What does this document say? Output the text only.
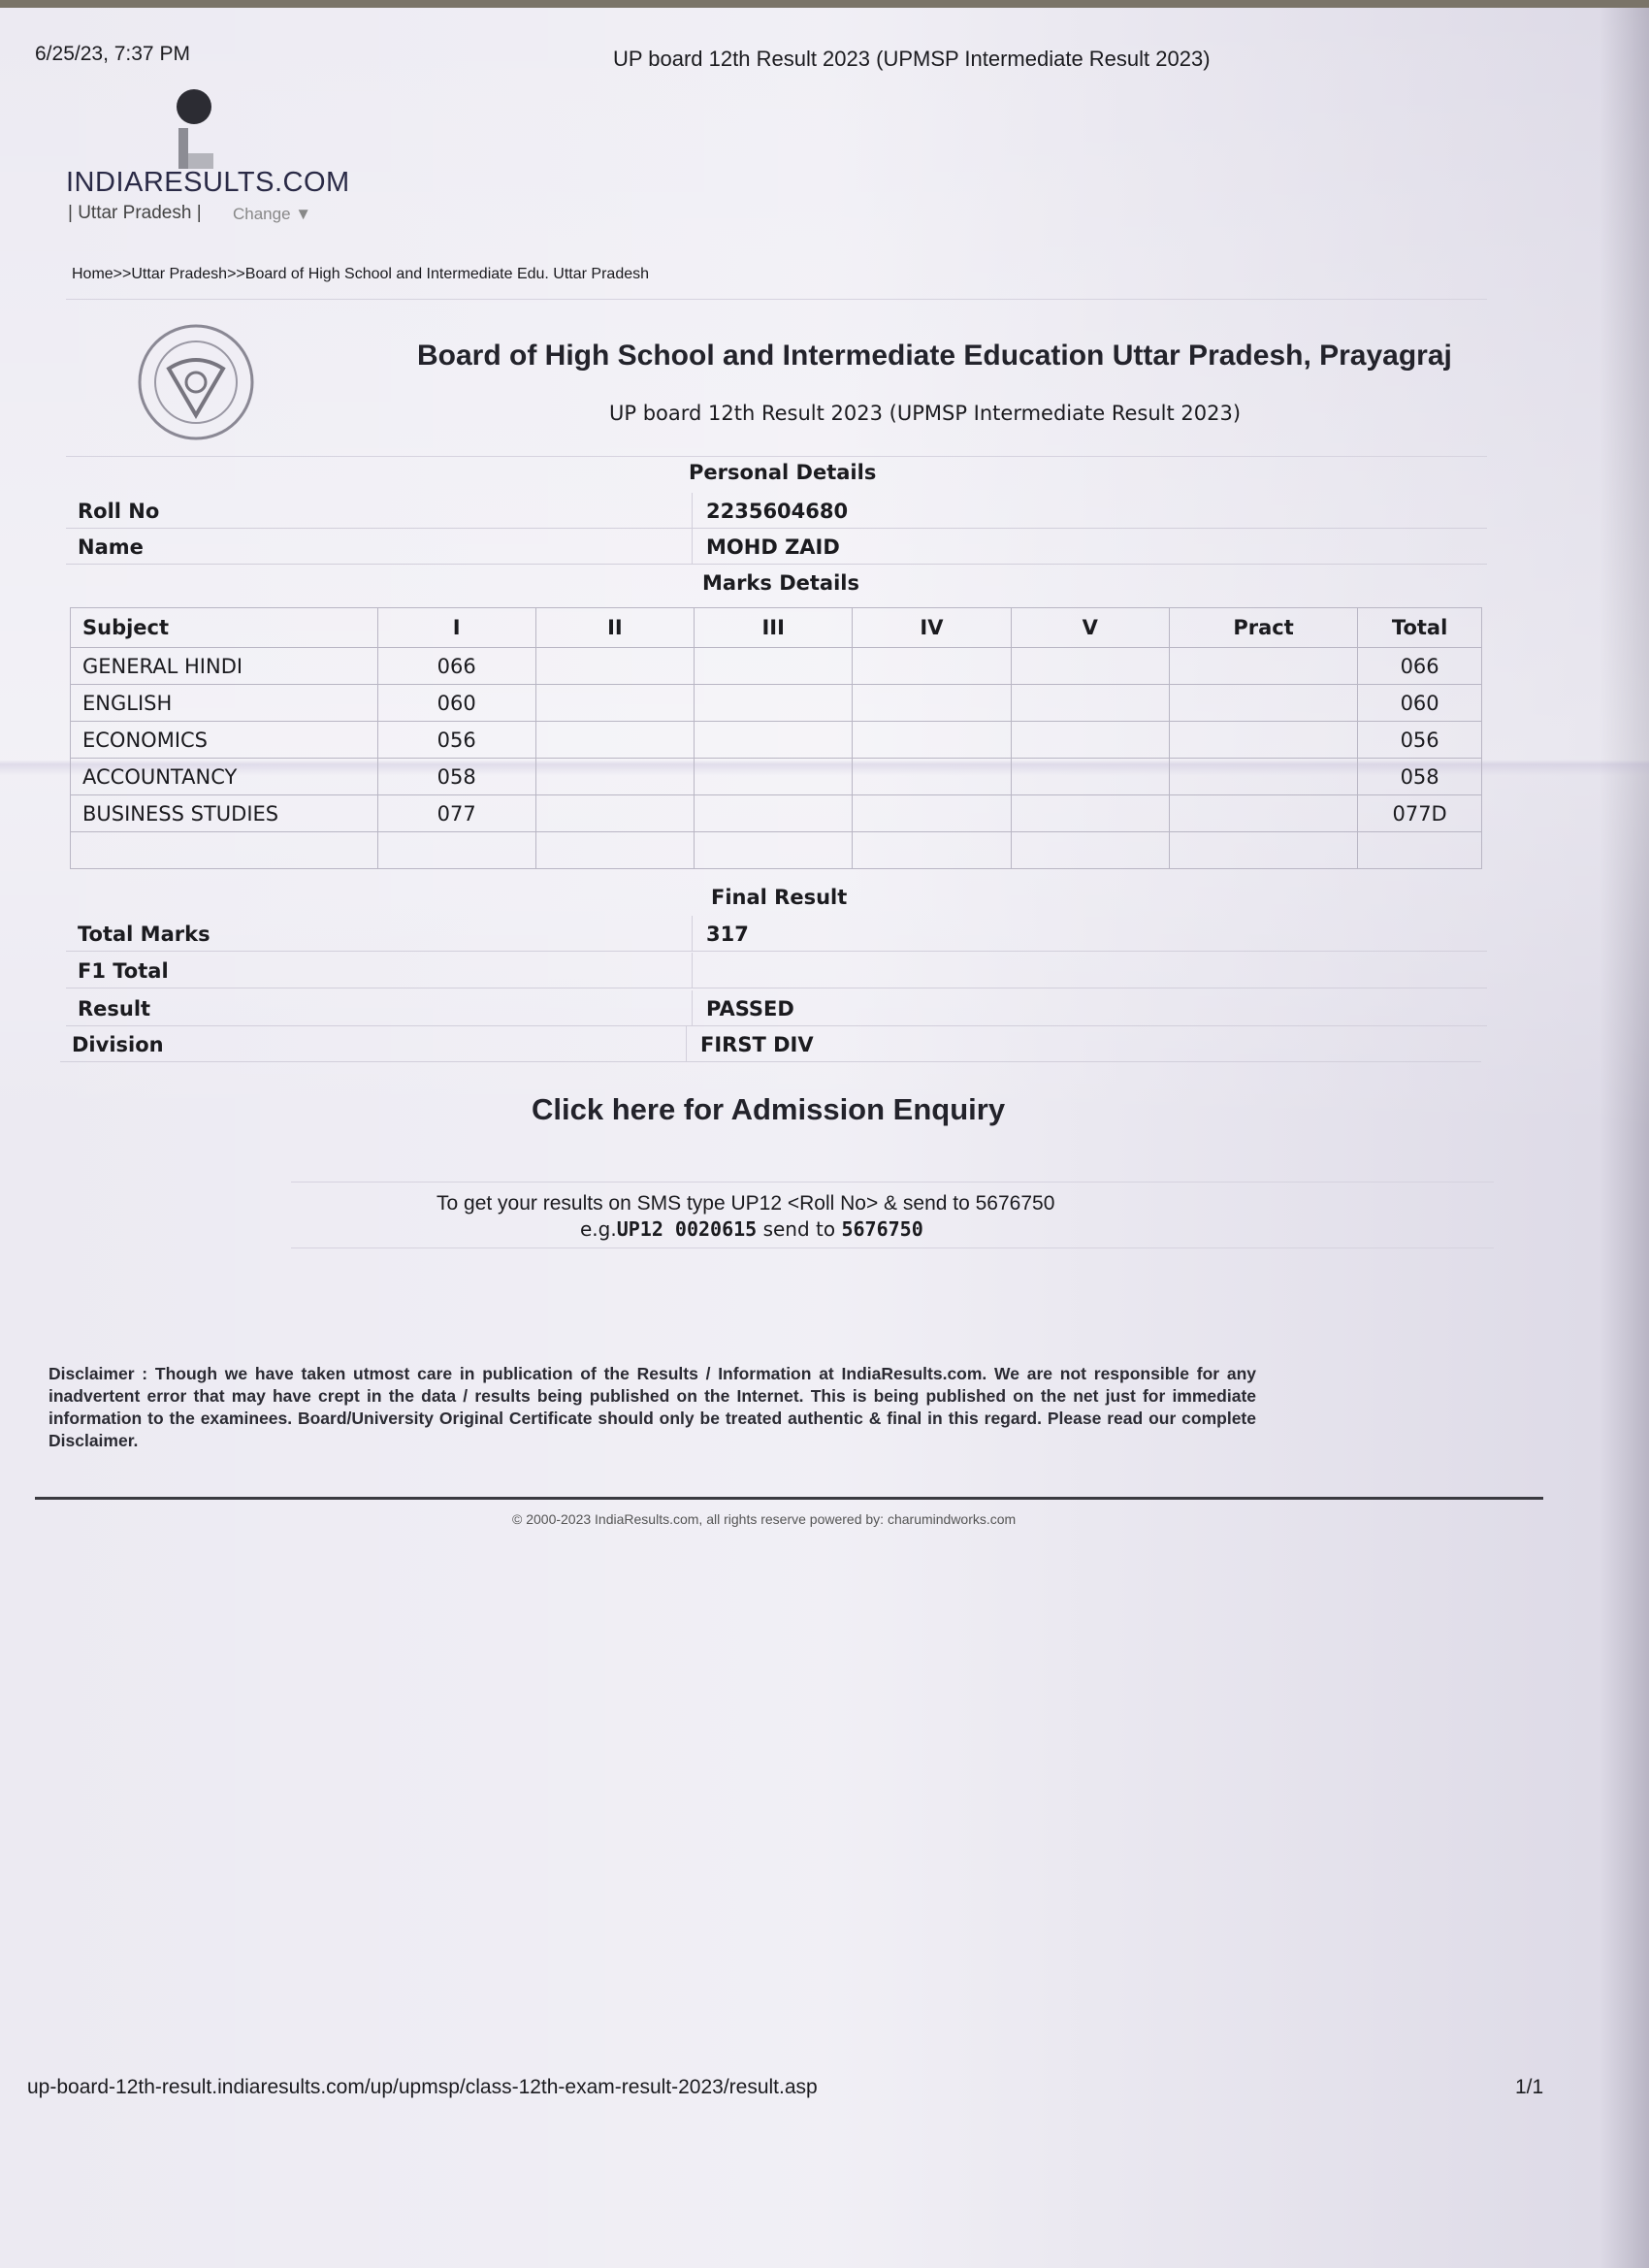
6/25/23, 7:37 PM	UP board 12th Result 2023 (UPMSP Intermediate Result 2023)
INDIARESULTS.COM
| Uttar Pradesh | Change ▼
Home>>Uttar Pradesh>>Board of High School and Intermediate Edu. Uttar Pradesh
Board of High School and Intermediate Education Uttar Pradesh, Prayagraj
UP board 12th Result 2023 (UPMSP Intermediate Result 2023)
Personal Details
Roll No	2235604680
Name	MOHD ZAID
Marks Details
Subject	I	II	III	IV	V	Pract	Total
GENERAL HINDI	066						066
ENGLISH	060						060
ECONOMICS	056						056
ACCOUNTANCY	058						058
BUSINESS STUDIES	077						077D

Final Result
Total Marks	317
F1 Total
Result	PASSED
Division	FIRST DIV
Click here for Admission Enquiry
To get your results on SMS type UP12 <Roll No> & send to 5676750
e.g.UP12 0020615 send to 5676750
Disclaimer : Though we have taken utmost care in publication of the Results / Information at IndiaResults.com. We are not responsible for any inadvertent error that may have crept in the data / results being published on the Internet. This is being published on the net just for immediate information to the examinees. Board/University Original Certificate should only be treated authentic & final in this regard. Please read our complete Disclaimer.
© 2000-2023 IndiaResults.com, all rights reserve powered by: charumindworks.com
up-board-12th-result.indiaresults.com/up/upmsp/class-12th-exam-result-2023/result.asp	1/1
